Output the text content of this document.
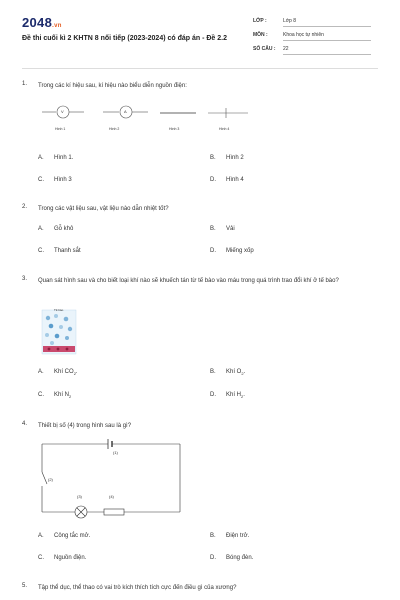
2048.vn
Đề thi cuối kì 2 KHTN 8 nối tiếp (2023-2024) có đáp án - Đề 2.2
LỚP :	Lớp 8
MÔN :	Khoa học tự nhiên
SỐ CÂU :	22
1. Trong các kí hiệu sau, kí hiệu nào biểu diễn nguồn điện:
V	A
Hình 1	Hình 2	Hình 3	Hình 4
A. Hình 1.	B. Hình 2
C. Hình 3	D. Hình 4
2. Trong các vật liệu sau, vật liệu nào dẫn nhiệt tốt?
A. Gỗ khô	B. Vải
C. Thanh sắt	D. Miếng xốp
3. Quan sát hình sau và cho biết loại khí nào sẽ khuếch tán từ tế bào vào máu trong quá trình trao đổi khí ở tế bào?
Tế bào
A. Khí $CO_2$.	B. Khí $O_2$.
C. Khí $N_2$	D. Khí $H_2$.
4. Thiết bị số (4) trong hình sau là gì?
(1)
(2)
(3)	(4)
A. Công tắc mở.	B. Điện trở.
C. Nguồn điện.	D. Bóng đèn.
5. Tập thể dục, thể thao có vai trò kích thích tích cực đến điều gì của xương?
